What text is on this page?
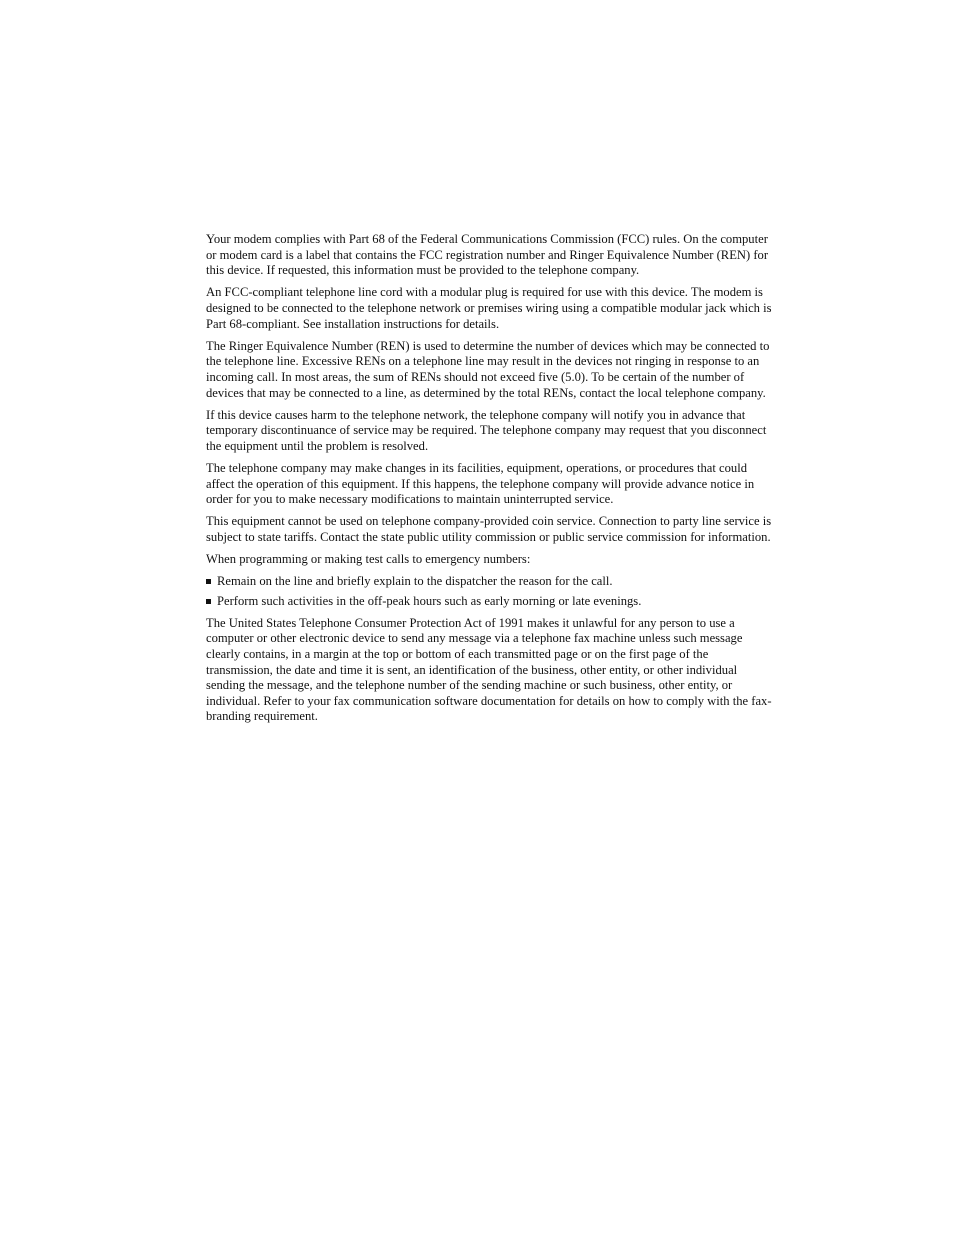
Your modem complies with Part 68 of the Federal Communications Commission (FCC) rules. On the computer or modem card is a label that contains the FCC registration number and Ringer Equivalence Number (REN) for this device. If requested, this information must be provided to the telephone company.

An FCC-compliant telephone line cord with a modular plug is required for use with this device. The modem is designed to be connected to the telephone network or premises wiring using a compatible modular jack which is Part 68-compliant. See installation instructions for details.

The Ringer Equivalence Number (REN) is used to determine the number of devices which may be connected to the telephone line. Excessive RENs on a telephone line may result in the devices not ringing in response to an incoming call. In most areas, the sum of RENs should not exceed five (5.0). To be certain of the number of devices that may be connected to a line, as determined by the total RENs, contact the local telephone company.

If this device causes harm to the telephone network, the telephone company will notify you in advance that temporary discontinuance of service may be required. The telephone company may request that you disconnect the equipment until the problem is resolved.

The telephone company may make changes in its facilities, equipment, operations, or procedures that could affect the operation of this equipment. If this happens, the telephone company will provide advance notice in order for you to make necessary modifications to maintain uninterrupted service.

This equipment cannot be used on telephone company-provided coin service. Connection to party line service is subject to state tariffs. Contact the state public utility commission or public service commission for information.

When programming or making test calls to emergency numbers:

Remain on the line and briefly explain to the dispatcher the reason for the call.
Perform such activities in the off-peak hours such as early morning or late evenings.

The United States Telephone Consumer Protection Act of 1991 makes it unlawful for any person to use a computer or other electronic device to send any message via a telephone fax machine unless such message clearly contains, in a margin at the top or bottom of each transmitted page or on the first page of the transmission, the date and time it is sent, an identification of the business, other entity, or other individual sending the message, and the telephone number of the sending machine or such business, other entity, or individual. Refer to your fax communication software documentation for details on how to comply with the fax-branding requirement.
